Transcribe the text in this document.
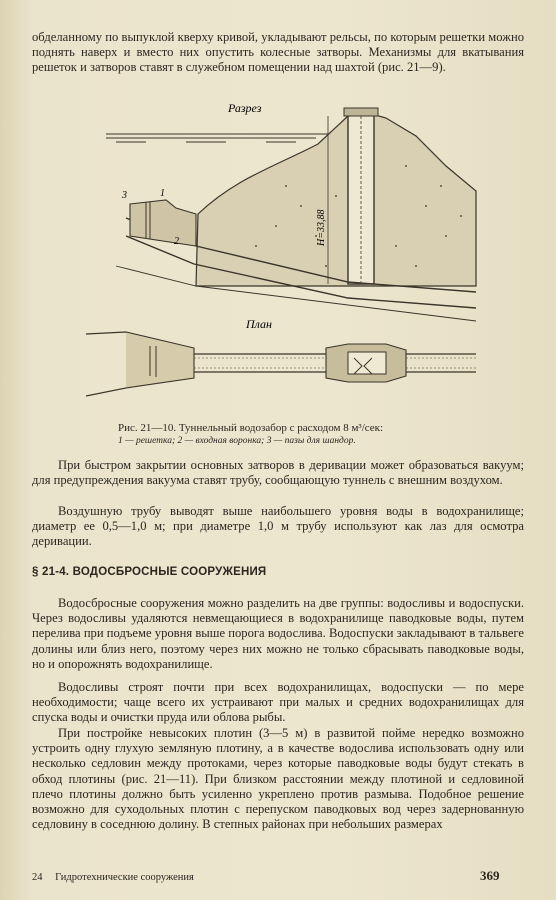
обделанному по выпуклой кверху кривой, укладывают рельсы, по которым решетки можно поднять наверх и вместо них опустить колесные затворы. Механизмы для вкатывания решеток и затворов ставят в служебном помещении над шахтой (рис. 21—9).

Разрез
H=33,88
3	1
2
План
Рис. 21—10. Туннельный водозабор с расходом 8 м³/сек:
1 — решетка; 2 — входная воронка; 3 — пазы для шандор.

При быстром закрытии основных затворов в деривации может образоваться вакуум; для предупреждения вакуума ставят трубу, сообщающую туннель с внешним воздухом.

Воздушную трубу выводят выше наибольшего уровня воды в водохранилище; диаметр ее 0,5—1,0 м; при диаметре 1,0 м трубу используют как лаз для осмотра деривации.

§ 21-4. ВОДОСБРОСНЫЕ СООРУЖЕНИЯ

Водосбросные сооружения можно разделить на две группы: водосливы и водоспуски. Через водосливы удаляются невмещающиеся в водохранилище паводковые воды, путем перелива при подъеме уровня выше порога водослива. Водоспуски закладывают в тальвеге долины или близ него, поэтому через них можно не только сбрасывать паводковые воды, но и опорожнять водохранилище.

Водосливы строят почти при всех водохранилищах, водоспуски — по мере необходимости; чаще всего их устраивают при малых и средних водохранилищах для спуска воды и очистки пруда или облова рыбы.

При постройке невысоких плотин (3—5 м) в развитой пойме нередко возможно устроить одну глухую земляную плотину, а в качестве водослива использовать одну или несколько седловин между протоками, через которые паводковые воды будут стекать в обход плотины (рис. 21—11). При близком расстоянии между плотиной и седловиной плечо плотины должно быть усиленно укреплено против размыва. Подобное решение возможно для суходольных плотин с перепуском паводковых вод через задернованную седловину в соседнюю долину. В степных районах при небольших размерах

24 Гидротехнические сооружения	369
